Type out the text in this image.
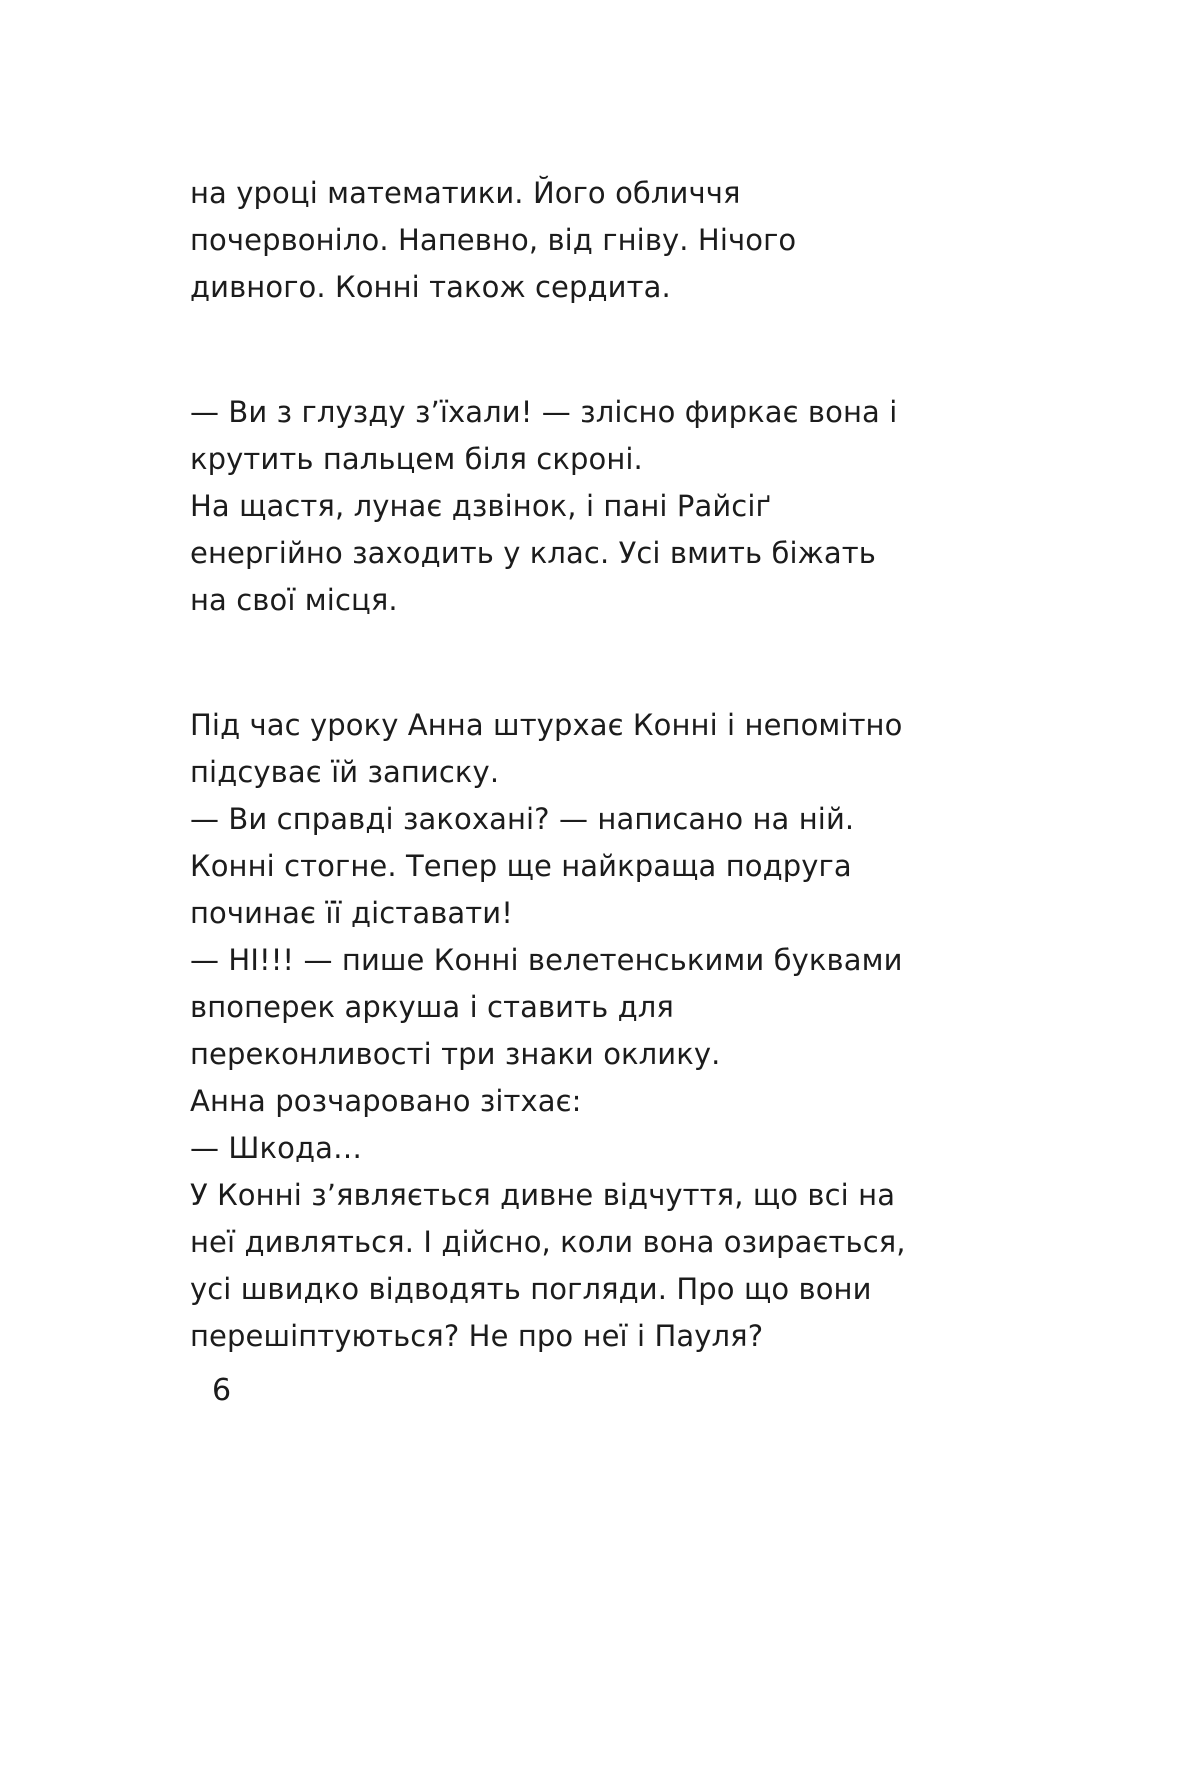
на уроці математики. Його обличчя почервоніло. Напевно, від гніву. Нічого дивного. Конні також сердита.

— Ви з глузду з’їхали! — злісно фиркає вона і крутить пальцем біля скроні.

На щастя, лунає дзвінок, і пані Райсіґ енергійно заходить у клас. Усі вмить біжать на свої місця.

Під час уроку Анна штурхає Конні і непомітно підсуває їй записку.

— Ви справді закохані? — написано на ній.

Конні стогне. Тепер ще найкраща подруга починає її діставати!

— НІ!!! — пише Конні велетенськими буквами впоперек аркуша і ставить для переконливості три знаки оклику.

Анна розчаровано зітхає:

— Шкода…

У Конні з’являється дивне відчуття, що всі на неї дивляться. І дійсно, коли вона озирається, усі швидко відводять погляди. Про що вони перешіптуються? Не про неї і Пауля?

6
